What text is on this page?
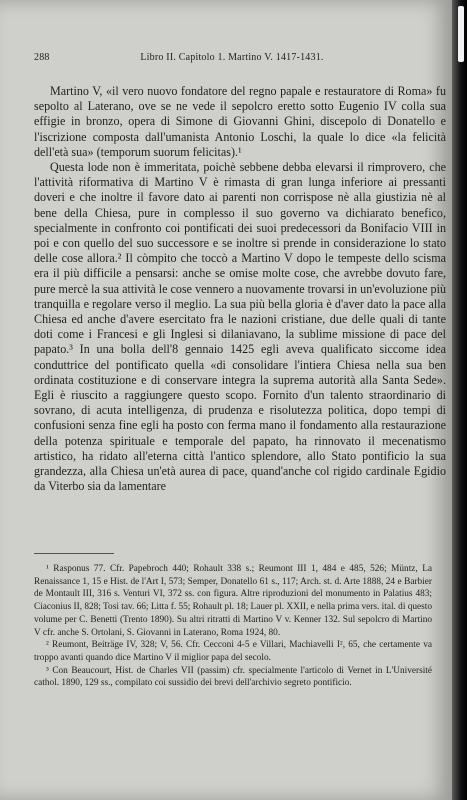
288	Libro II. Capitolo 1. Martino V. 1417-1431.

Martino V, «il vero nuovo fondatore del regno papale e restauratore di Roma» fu sepolto al Laterano, ove se ne vede il sepolcro eretto sotto Eugenio IV colla sua effigie in bronzo, opera di Simone di Giovanni Ghini, discepolo di Donatello e l'iscrizione composta dall'umanista Antonio Loschi, la quale lo dice «la felicità dell'età sua» (temporum suorum felicitas).¹

Questa lode non è immeritata, poichè sebbene debba elevarsi il rimprovero, che l'attività riformativa di Martino V è rimasta di gran lunga inferiore ai pressanti doveri e che inoltre il favore dato ai parenti non corrispose nè alla giustizia nè al bene della Chiesa, pure in complesso il suo governo va dichiarato benefico, specialmente in confronto coi pontificati dei suoi predecessori da Bonifacio VIII in poi e con quello del suo successore e se inoltre si prende in considerazione lo stato delle cose allora.² Il còmpito che toccò a Martino V dopo le tempeste dello scisma era il più difficile a pensarsi: anche se omise molte cose, che avrebbe dovuto fare, pure mercè la sua attività le cose vennero a nuovamente trovarsi in un'evoluzione più tranquilla e regolare verso il meglio. La sua più bella gloria è d'aver dato la pace alla Chiesa ed anche d'avere esercitato fra le nazioni cristiane, due delle quali di tante doti come i Francesi e gli Inglesi si dilaniavano, la sublime missione di pace del papato.³ In una bolla dell'8 gennaio 1425 egli aveva qualificato siccome idea conduttrice del pontificato quella «di consolidare l'intiera Chiesa nella sua ben ordinata costituzione e di conservare integra la suprema autorità alla Santa Sede». Egli è riuscito a raggiungere questo scopo. Fornito d'un talento straordinario di sovrano, di acuta intelligenza, di prudenza e risolutezza politica, dopo tempi di confusioni senza fine egli ha posto con ferma mano il fondamento alla restaurazione della potenza spirituale e temporale del papato, ha rinnovato il mecenatismo artistico, ha ridato all'eterna città l'antico splendore, allo Stato pontificio la sua grandezza, alla Chiesa un'età aurea di pace, quand'anche col rigido cardinale Egidio da Viterbo sia da lamentare

¹ Rasponus 77. Cfr. Papebroch 440; Rohault 338 s.; Reumont III 1, 484 e 485, 526; Müntz, La Renaissance 1, 15 e Hist. de l'Art I, 573; Semper, Donatello 61 s., 117; Arch. st. d. Arte 1888, 24 e Barbier de Montault III, 316 s. Venturi VI, 372 ss. con figura. Altre riproduzioni del monumento in Palatius 483; Ciaconius II, 828; Tosi tav. 66; Litta f. 55; Rohault pl. 18; Lauer pl. XXII, e nella prima vers. ital. di questo volume per C. Benetti (Trento 1890). Su altri ritratti di Martino V v. Kenner 132. Sul sepolcro di Martino V cfr. anche S. Ortolani, S. Giovanni in Laterano, Roma 1924, 80.

² Reumont, Beiträge IV, 328; V, 56. Cfr. Cecconi 4-5 e Villari, Machiavelli I², 65, che certamente va troppo avanti quando dice Martino V il miglior papa del secolo.

³ Con Beaucourt, Hist. de Charles VII (passim) cfr. specialmente l'articolo di Vernet in L'Université cathol. 1890, 129 ss., compilato coi sussidio dei brevi dell'archivio segreto pontificio.
